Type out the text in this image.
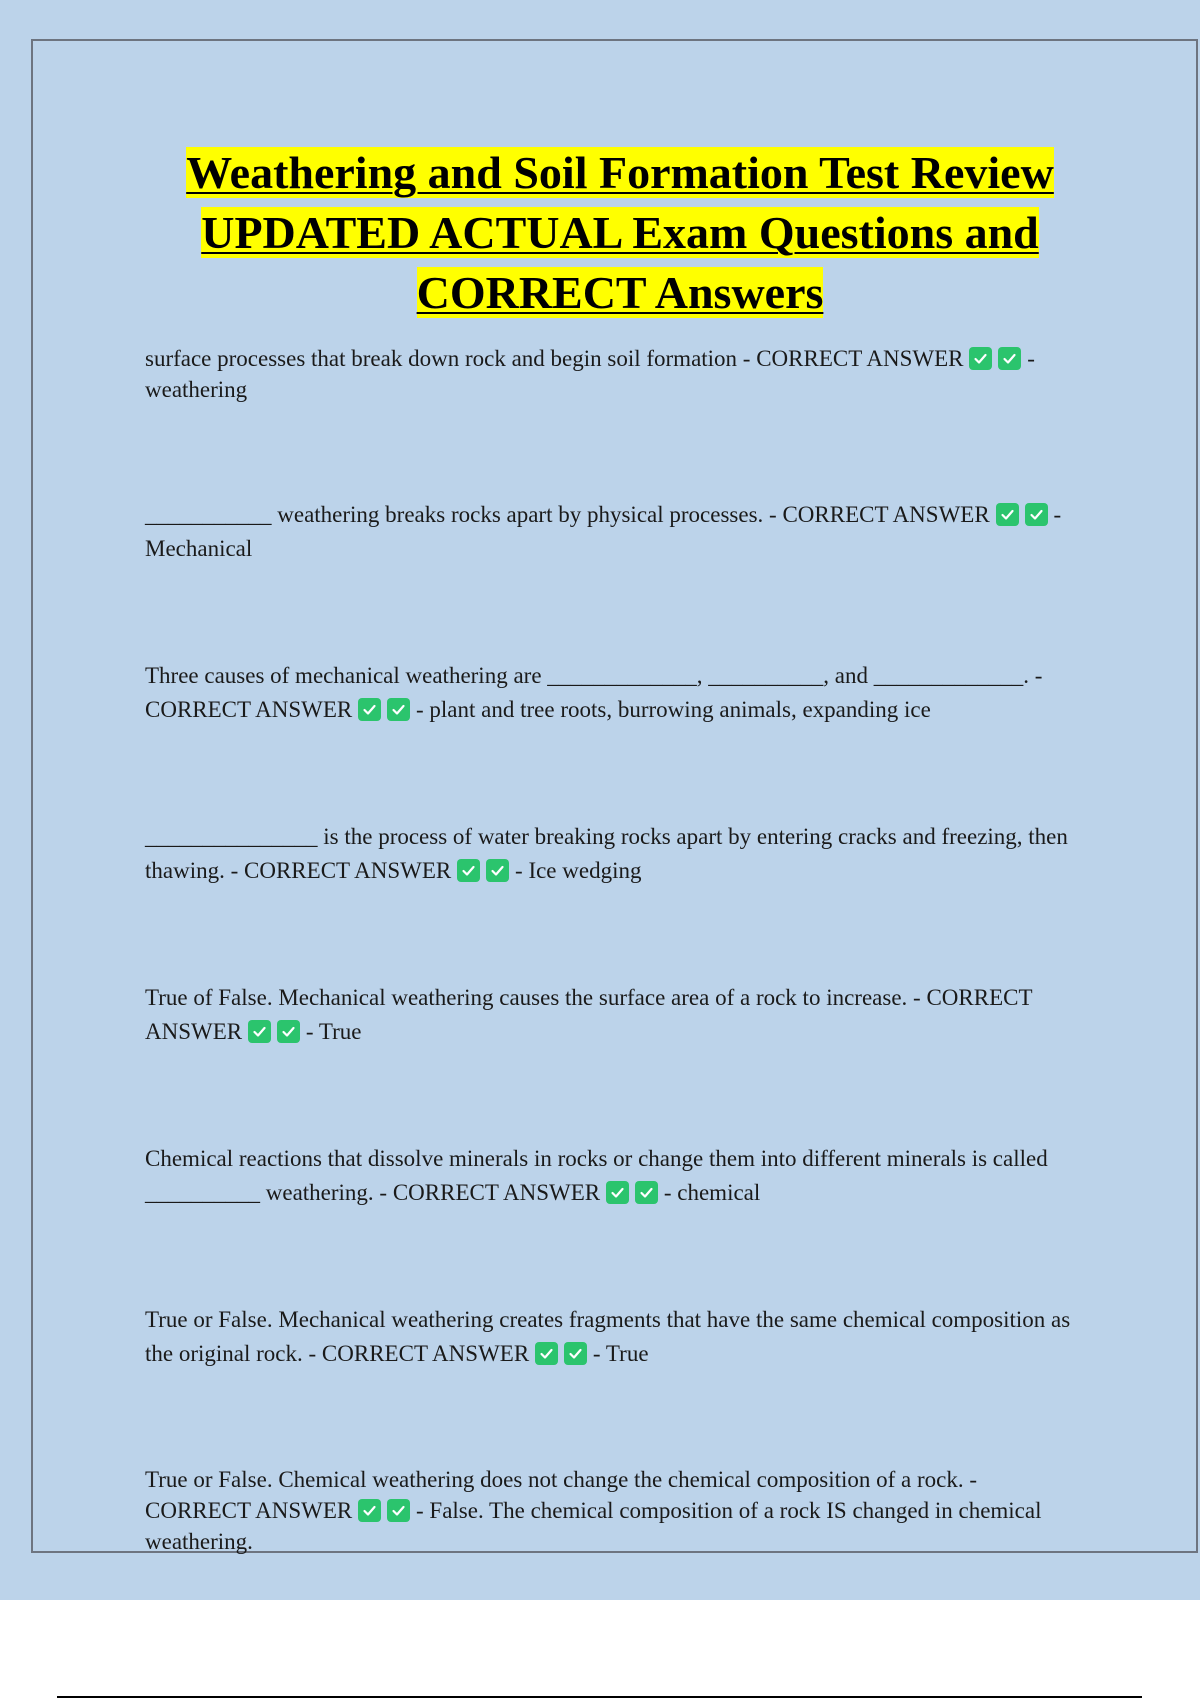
Weathering and Soil Formation Test Review
UPDATED ACTUAL Exam Questions and
CORRECT Answers

surface processes that break down rock and begin soil formation - CORRECT ANSWER	- weathering

___________ weathering breaks rocks apart by physical processes. - CORRECT ANSWER	- Mechanical

Three causes of mechanical weathering are _____________, __________, and _____________. - CORRECT ANSWER	- plant and tree roots, burrowing animals, expanding ice

_______________ is the process of water breaking rocks apart by entering cracks and freezing, then thawing. - CORRECT ANSWER	- Ice wedging

True of False. Mechanical weathering causes the surface area of a rock to increase. - CORRECT ANSWER	- True

Chemical reactions that dissolve minerals in rocks or change them into different minerals is called __________ weathering. - CORRECT ANSWER	- chemical

True or False. Mechanical weathering creates fragments that have the same chemical composition as the original rock. - CORRECT ANSWER	- True

True or False. Chemical weathering does not change the chemical composition of a rock. - CORRECT ANSWER	- False. The chemical composition of a rock IS changed in chemical weathering.
